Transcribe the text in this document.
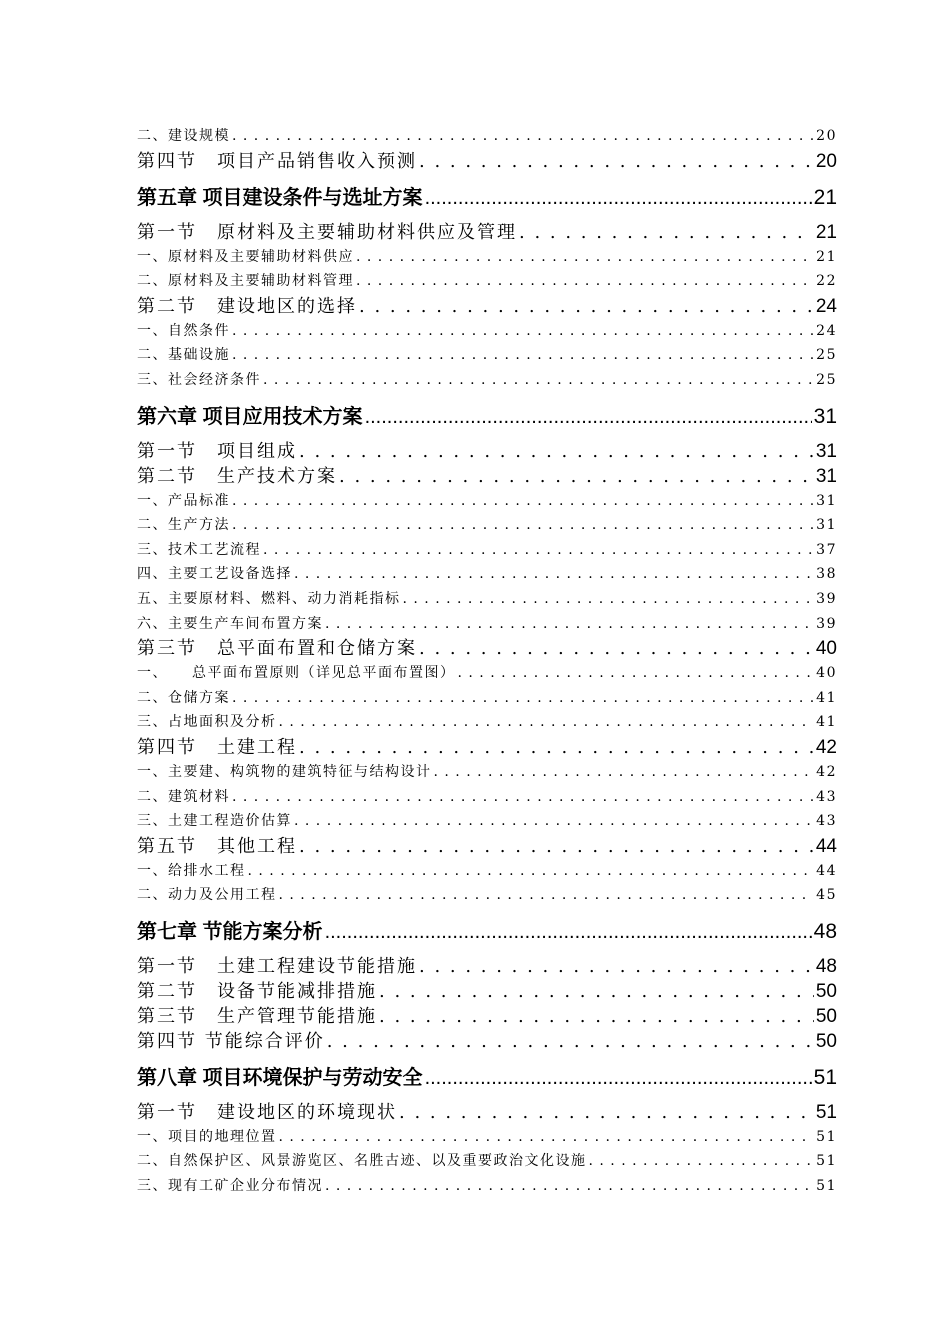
二、建设规模 . . .	20
第四节　项目产品销售收入预测 . . .	20
第五章 项目建设条件与选址方案 .....	21
第一节　原材料及主要辅助材料供应及管理 . . .	21
一、原材料及主要辅助材料供应 . . .	21
二、原材料及主要辅助材料管理 . . .	22
第二节　建设地区的选择 . . .	24
一、自然条件 . . .	24
二、基础设施 . . .	25
三、社会经济条件 . . .	25
第六章 项目应用技术方案 .....	31
第一节　项目组成 . . .	31
第二节　生产技术方案 . . .	31
一、产品标准 . . .	31
二、生产方法 . . .	31
三、技术工艺流程 . . .	37
四、主要工艺设备选择 . . .	38
五、主要原材料、燃料、动力消耗指标 . . .	39
六、主要生产车间布置方案 . . .	39
第三节　总平面布置和仓储方案 . . .	40
一、　　总平面布置原则（详见总平面布置图） . . .	40
二、仓储方案 . . .	41
三、占地面积及分析 . . .	41
第四节　土建工程 . . .	42
一、主要建、构筑物的建筑特征与结构设计 . . .	42
二、建筑材料 . . .	43
三、土建工程造价估算 . . .	43
第五节　其他工程 . . .	44
一、给排水工程 . . .	44
二、动力及公用工程 . . .	45
第七章 节能方案分析 .....	48
第一节　土建工程建设节能措施 . . .	48
第二节　设备节能减排措施 . . .	50
第三节　生产管理节能措施 . . .	50
第四节 节能综合评价 . . .	50
第八章 项目环境保护与劳动安全 .....	51
第一节　建设地区的环境现状 . . .	51
一、项目的地理位置 . . .	51
二、自然保护区、风景游览区、名胜古迹、以及重要政治文化设施 . . .	51
三、现有工矿企业分布情况 . . .	51
